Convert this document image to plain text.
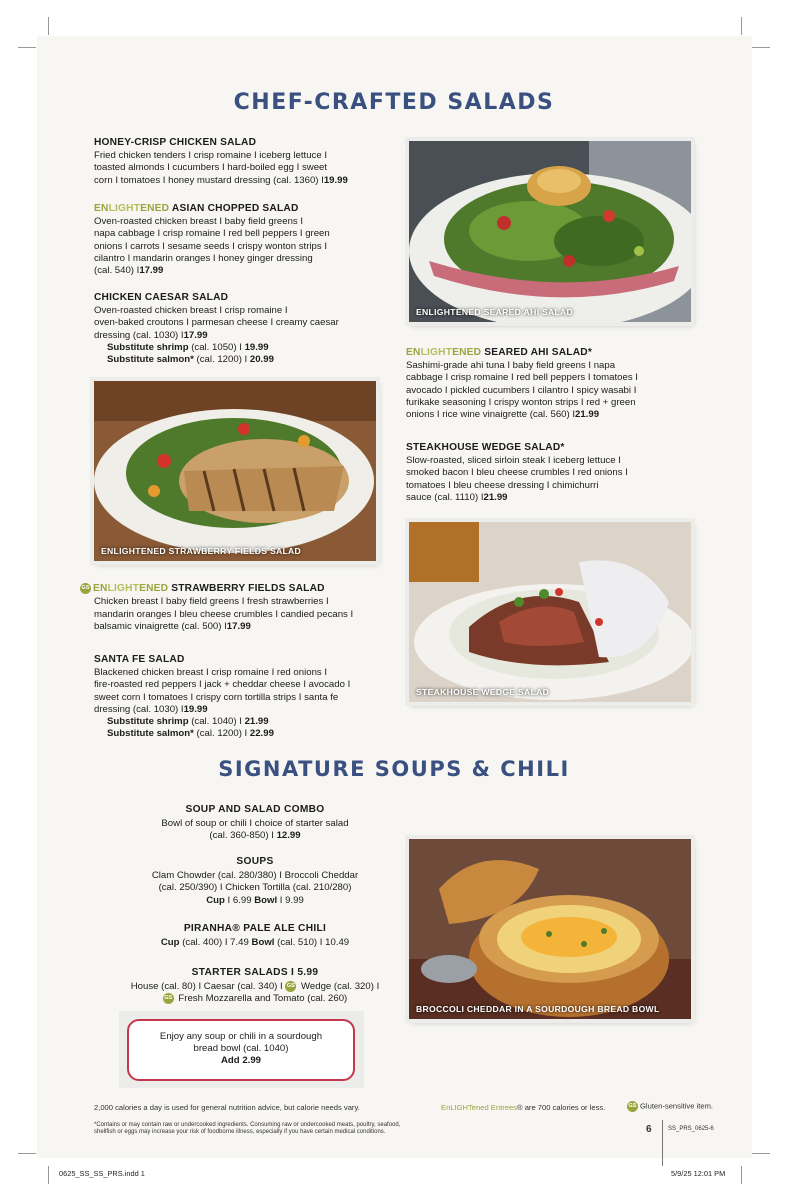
CHEF-CRAFTED SALADS
SIGNATURE SOUPS & CHILI
HONEY-CRISP CHICKEN SALAD
Fried chicken tenders I crisp romaine I iceberg lettuce I
toasted almonds I cucumbers I hard-boiled egg I sweet
corn I tomatoes I honey mustard dressing (cal. 1360) I19.99
ENLIGHTENED ASIAN CHOPPED SALAD
Oven-roasted chicken breast I baby field greens I
napa cabbage I crisp romaine I red bell peppers I green
onions I carrots I sesame seeds I crispy wonton strips I
cilantro I mandarin oranges I honey ginger dressing
(cal. 540) I17.99
CHICKEN CAESAR SALAD
Oven-roasted chicken breast I crisp romaine I
oven-baked croutons I parmesan cheese I creamy caesar
dressing (cal. 1030) I17.99
Substitute shrimp (cal. 1050) I 19.99
Substitute salmon* (cal. 1200) I 20.99
ENLIGHTENED SEARED AHI SALAD
ENLIGHTENED SEARED AHI SALAD*
Sashimi-grade ahi tuna I baby field greens I napa
cabbage I crisp romaine I red bell peppers I tomatoes I
avocado I pickled cucumbers I cilantro I spicy wasabi I
furikake seasoning I crispy wonton strips I red + green
onions I rice wine vinaigrette (cal. 560) I21.99
STEAKHOUSE WEDGE SALAD*
Slow-roasted, sliced sirloin steak I iceberg lettuce I
smoked bacon I bleu cheese crumbles I red onions I
tomatoes I bleu cheese dressing I chimichurri
sauce (cal. 1110) I21.99
ENLIGHTENED STRAWBERRY FIELDS SALAD
GS ENLIGHTENED STRAWBERRY FIELDS SALAD
Chicken breast I baby field greens I fresh strawberries I
mandarin oranges I bleu cheese crumbles I candied pecans I
balsamic vinaigrette (cal. 500) I17.99
SANTA FE SALAD
Blackened chicken breast I crisp romaine I red onions I
fire-roasted red peppers I jack + cheddar cheese I avocado I
sweet corn I tomatoes I crispy corn tortilla strips I santa fe
dressing (cal. 1030) I19.99
Substitute shrimp (cal. 1040) I 21.99
Substitute salmon* (cal. 1200) I 22.99
STEAKHOUSE WEDGE SALAD
SOUP AND SALAD COMBO
Bowl of soup or chili I choice of starter salad
(cal. 360-850) I 12.99
SOUPS
Clam Chowder (cal. 280/380) I Broccoli Cheddar
(cal. 250/390) I Chicken Tortilla (cal. 210/280)
Cup I 6.99 Bowl I 9.99
PIRANHA® PALE ALE CHILI
Cup (cal. 400) I 7.49 Bowl (cal. 510) I 10.49
STARTER SALADS I 5.99
House (cal. 80) I Caesar (cal. 340) I GS Wedge (cal. 320) I
GS Fresh Mozzarella and Tomato (cal. 260)
BROCCOLI CHEDDAR IN A SOURDOUGH BREAD BOWL
Enjoy any soup or chili in a sourdough
bread bowl (cal. 1040)
Add 2.99
2,000 calories a day is used for general nutrition advice, but calorie needs vary.	EnLIGHTened Entrees® are 700 calories or less.	GS Gluten-sensitive item.
*Contains or may contain raw or undercooked ingredients. Consuming raw or undercooked meats, poultry, seafood,
shellfish or eggs may increase your risk of foodborne illness, especially if you have certain medical conditions.	6	SS_PRS_0625-6
0625_SS_SS_PRS.indd 1	5/9/25 12:01 PM
